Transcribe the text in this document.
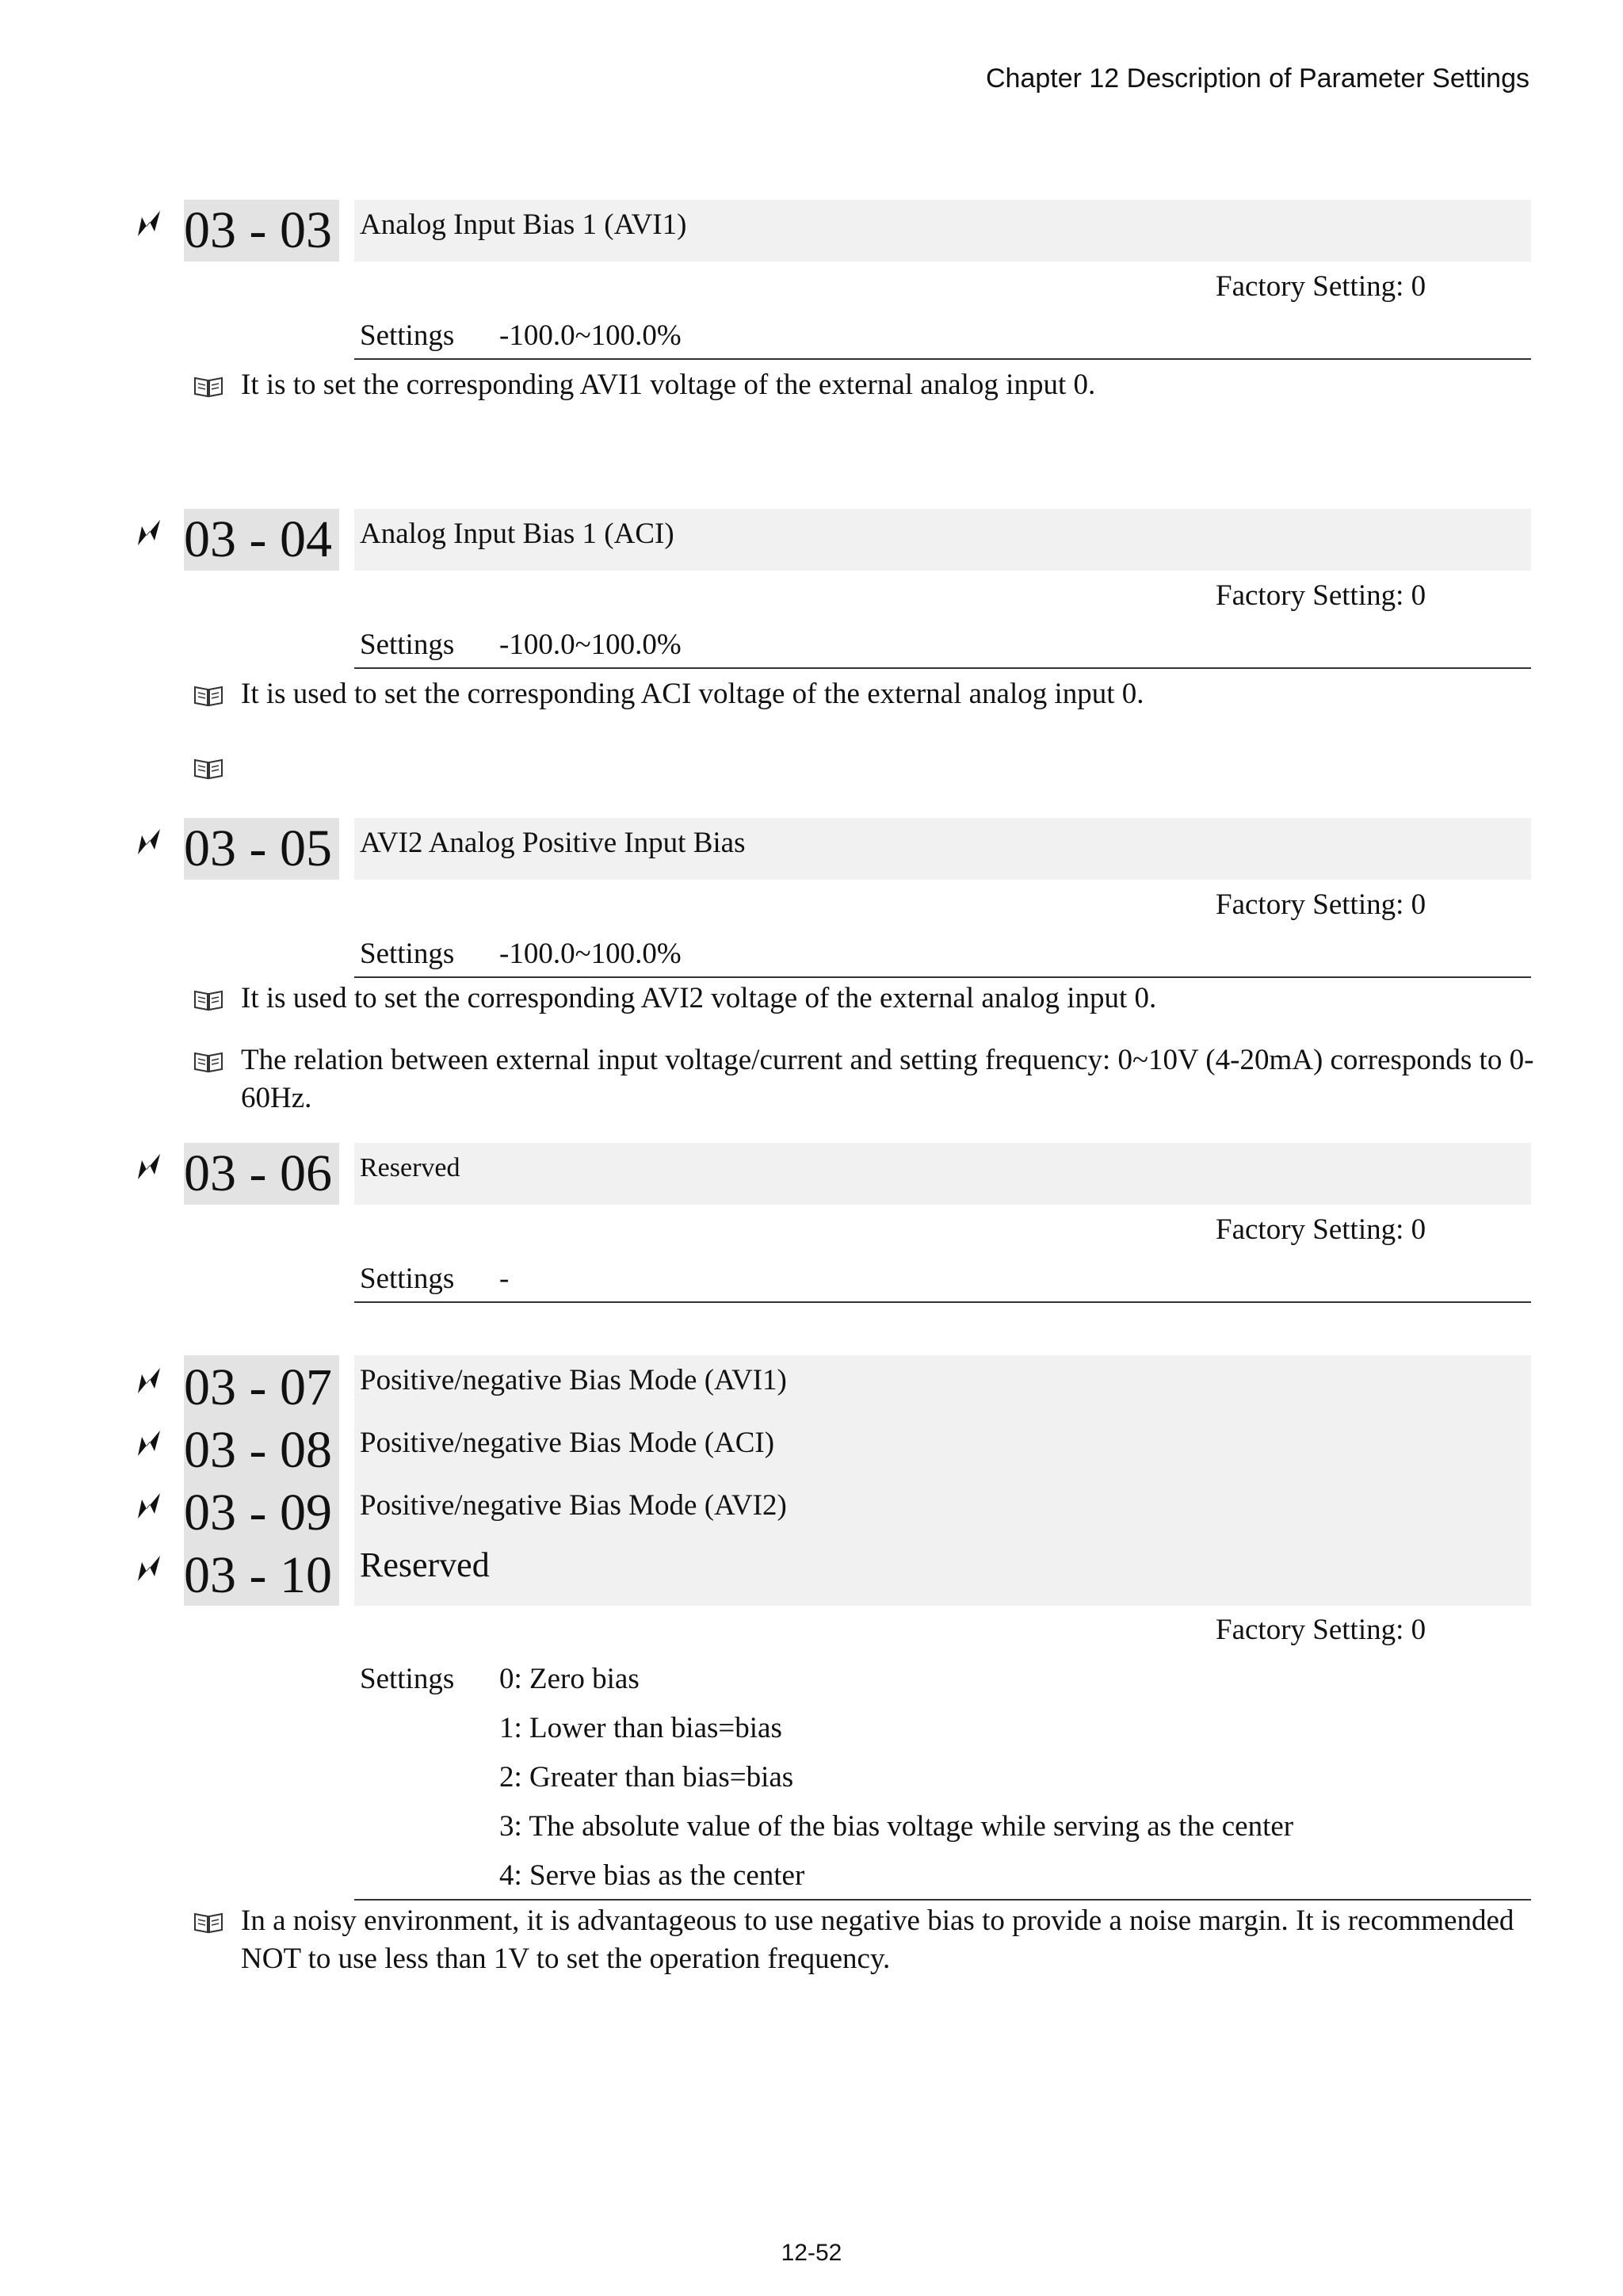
Chapter 12 Description of Parameter Settings
03 - 03 Analog Input Bias 1 (AVI1)
Factory Setting: 0
Settings -100.0~100.0%
It is to set the corresponding AVI1 voltage of the external analog input 0.
03 - 04 Analog Input Bias 1 (ACI)
Factory Setting: 0
Settings -100.0~100.0%
It is used to set the corresponding ACI voltage of the external analog input 0.
03 - 05 AVI2 Analog Positive Input Bias
Factory Setting: 0
Settings -100.0~100.0%
It is used to set the corresponding AVI2 voltage of the external analog input 0.
The relation between external input voltage/current and setting frequency: 0~10V (4-20mA) corresponds to 0-60Hz.
03 - 06 Reserved
Factory Setting: 0
Settings -
03 - 07 Positive/negative Bias Mode (AVI1)
03 - 08 Positive/negative Bias Mode (ACI)
03 - 09 Positive/negative Bias Mode (AVI2)
03 - 10 Reserved
Factory Setting: 0
Settings 0: Zero bias
1: Lower than bias=bias
2: Greater than bias=bias
3: The absolute value of the bias voltage while serving as the center
4: Serve bias as the center
In a noisy environment, it is advantageous to use negative bias to provide a noise margin. It is recommended NOT to use less than 1V to set the operation frequency.
12-52
